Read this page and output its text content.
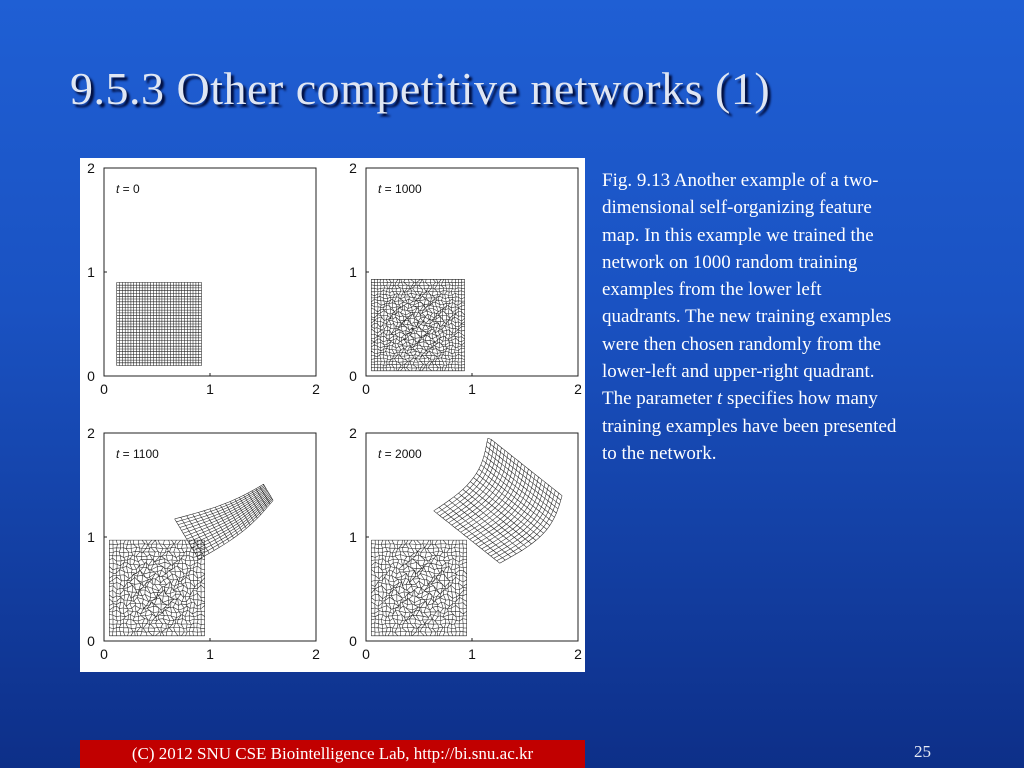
9.5.3 Other competitive networks (1)
0
0
1
1
2
2
t = 0
0
0
1
1
2
2
t = 1000
0
0
1
1
2
2
t = 1100
0
0
1
1
2
2
t = 2000
Fig. 9.13 Another example of a two-
dimensional self-organizing feature
map. In this example we trained the
network on 1000 random training
examples from the lower left
quadrants. The new training examples
were then chosen randomly from the
lower-left and upper-right quadrant.
The parameter t specifies how many
training examples have been presented
to the network.
(C) 2012 SNU CSE Biointelligence Lab, http://bi.snu.ac.kr	25
